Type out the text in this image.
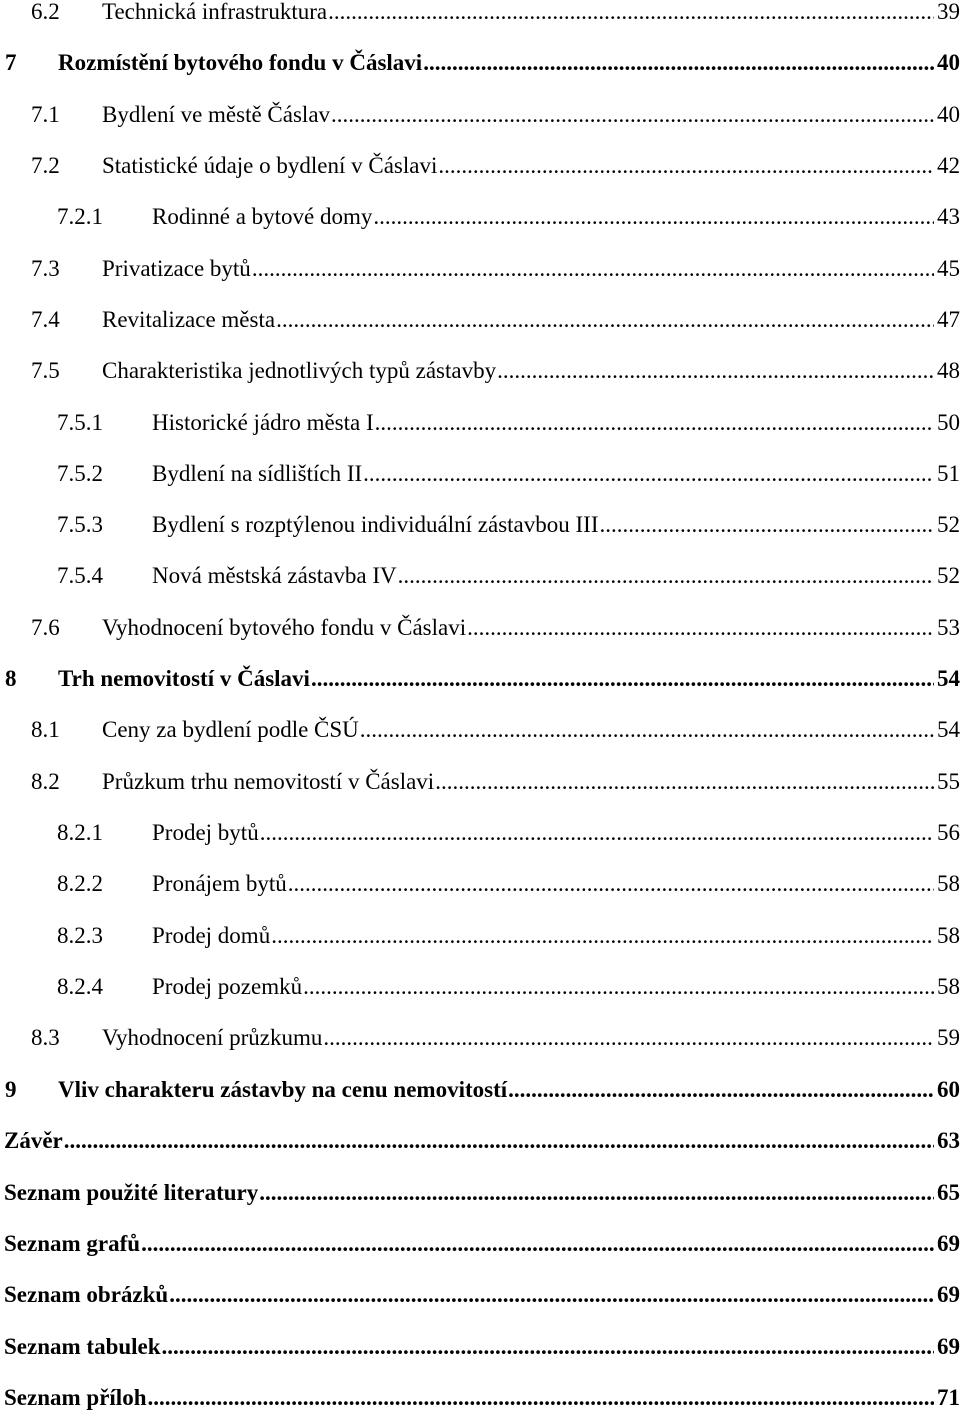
6.2	Technická infrastruktura .....	39
7	Rozmístění bytového fondu v Čáslavi .....	40
7.1	Bydlení ve městě Čáslav .....	40
7.2	Statistické údaje o bydlení v Čáslavi .....	42
7.2.1	Rodinné a bytové domy .....	43
7.3	Privatizace bytů .....	45
7.4	Revitalizace města .....	47
7.5	Charakteristika jednotlivých typů zástavby .....	48
7.5.1	Historické jádro města I .....	50
7.5.2	Bydlení na sídlištích II .....	51
7.5.3	Bydlení s rozptýlenou individuální zástavbou III .....	52
7.5.4	Nová městská zástavba IV .....	52
7.6	Vyhodnocení bytového fondu v Čáslavi .....	53
8	Trh nemovitostí v Čáslavi .....	54
8.1	Ceny za bydlení podle ČSÚ .....	54
8.2	Průzkum trhu nemovitostí v Čáslavi .....	55
8.2.1	Prodej bytů .....	56
8.2.2	Pronájem bytů .....	58
8.2.3	Prodej domů .....	58
8.2.4	Prodej pozemků .....	58
8.3	Vyhodnocení průzkumu .....	59
9	Vliv charakteru zástavby na cenu nemovitostí .....	60
Závěr .....	63
Seznam použité literatury .....	65
Seznam grafů .....	69
Seznam obrázků .....	69
Seznam tabulek .....	69
Seznam příloh .....	71
